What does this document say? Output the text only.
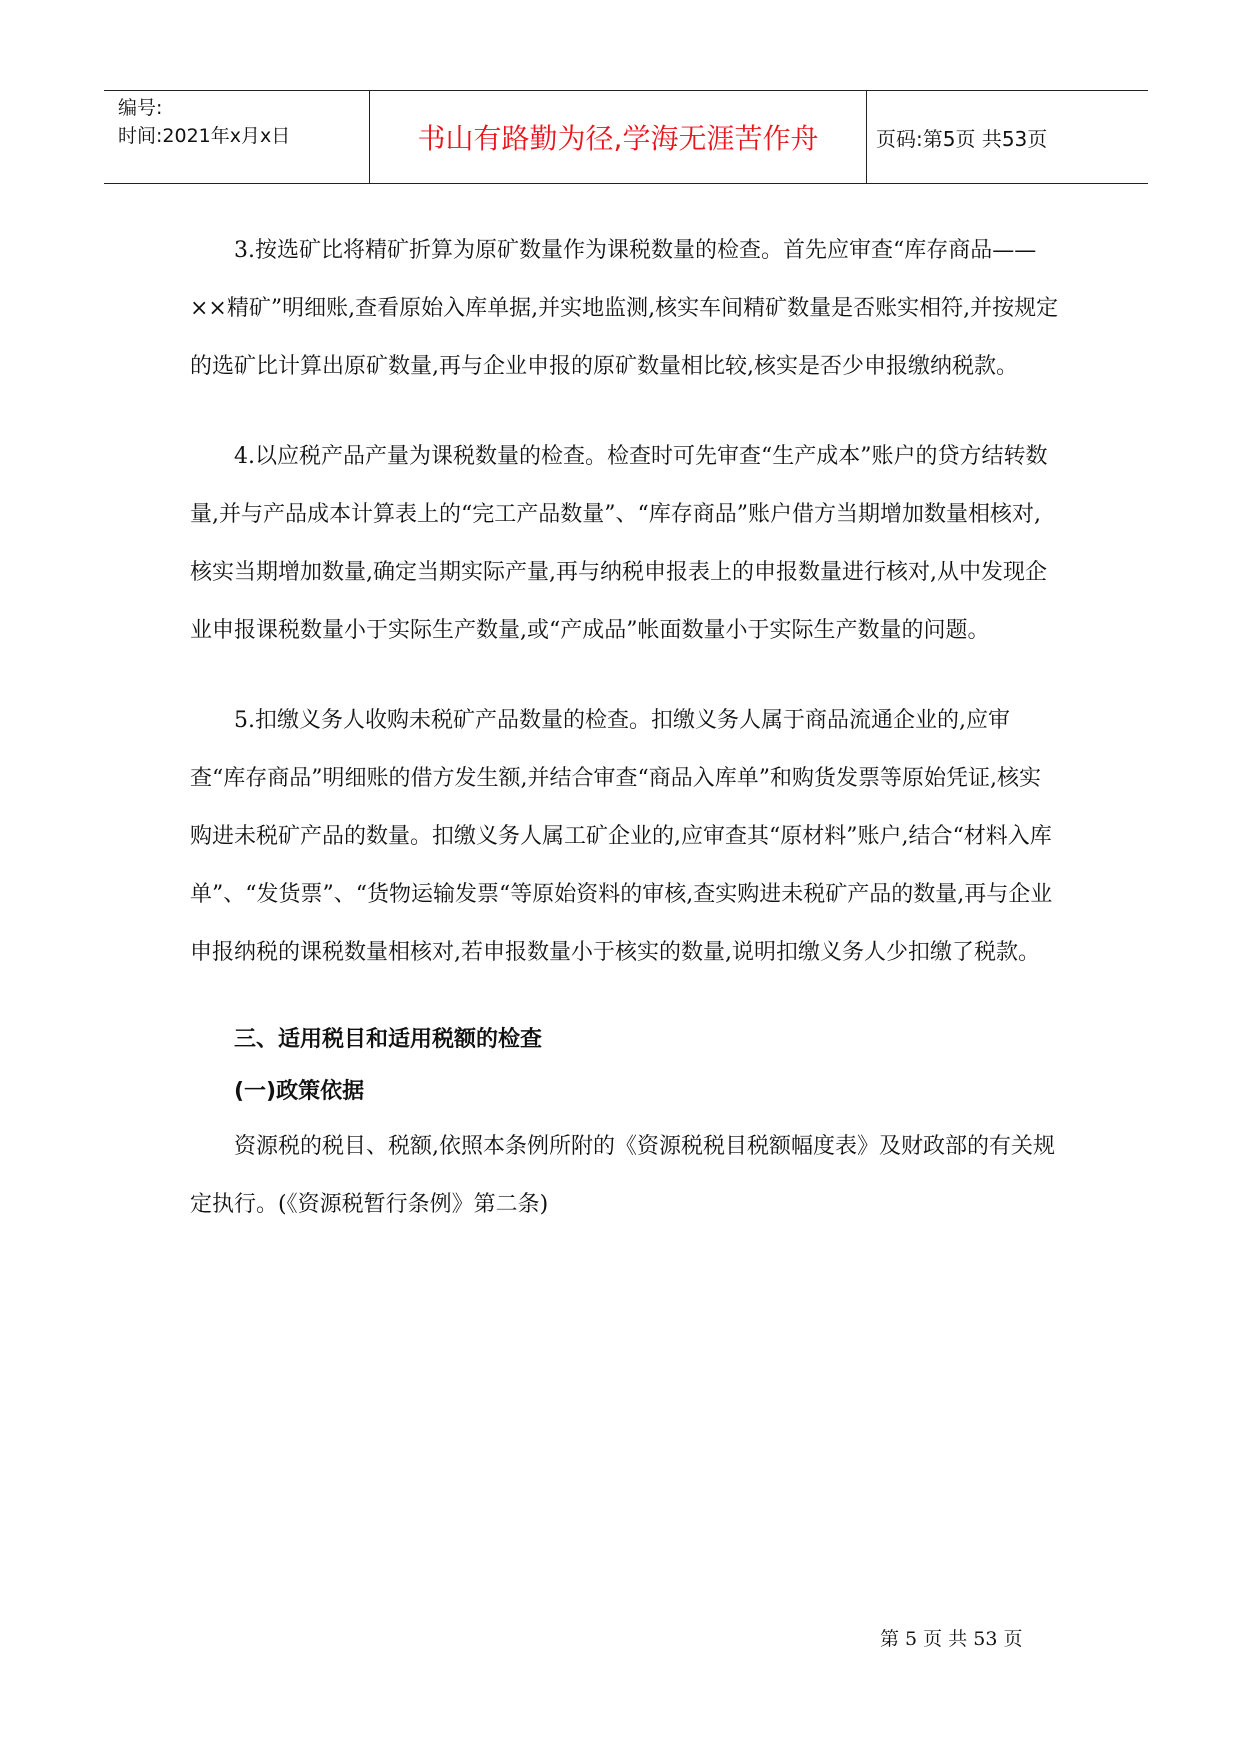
编号:
时间:2021年x月x日	书山有路勤为径,学海无涯苦作舟	页码:第5页 共53页

3.按选矿比将精矿折算为原矿数量作为课税数量的检查。首先应审查“库存商品——××精矿”明细账,查看原始入库单据,并实地监测,核实车间精矿数量是否账实相符,并按规定的选矿比计算出原矿数量,再与企业申报的原矿数量相比较,核实是否少申报缴纳税款。

4.以应税产品产量为课税数量的检查。检查时可先审查“生产成本”账户的贷方结转数量,并与产品成本计算表上的“完工产品数量”、“库存商品”账户借方当期增加数量相核对,核实当期增加数量,确定当期实际产量,再与纳税申报表上的申报数量进行核对,从中发现企业申报课税数量小于实际生产数量,或“产成品”帐面数量小于实际生产数量的问题。

5.扣缴义务人收购未税矿产品数量的检查。扣缴义务人属于商品流通企业的,应审查“库存商品”明细账的借方发生额,并结合审查“商品入库单”和购货发票等原始凭证,核实购进未税矿产品的数量。扣缴义务人属工矿企业的,应审查其“原材料”账户,结合“材料入库单”、“发货票”、“货物运输发票“等原始资料的审核,查实购进未税矿产品的数量,再与企业申报纳税的课税数量相核对,若申报数量小于核实的数量,说明扣缴义务人少扣缴了税款。

三、适用税目和适用税额的检查

(一)政策依据

资源税的税目、税额,依照本条例所附的《资源税税目税额幅度表》及财政部的有关规定执行。(《资源税暂行条例》第二条)

第 5 页 共 53 页
